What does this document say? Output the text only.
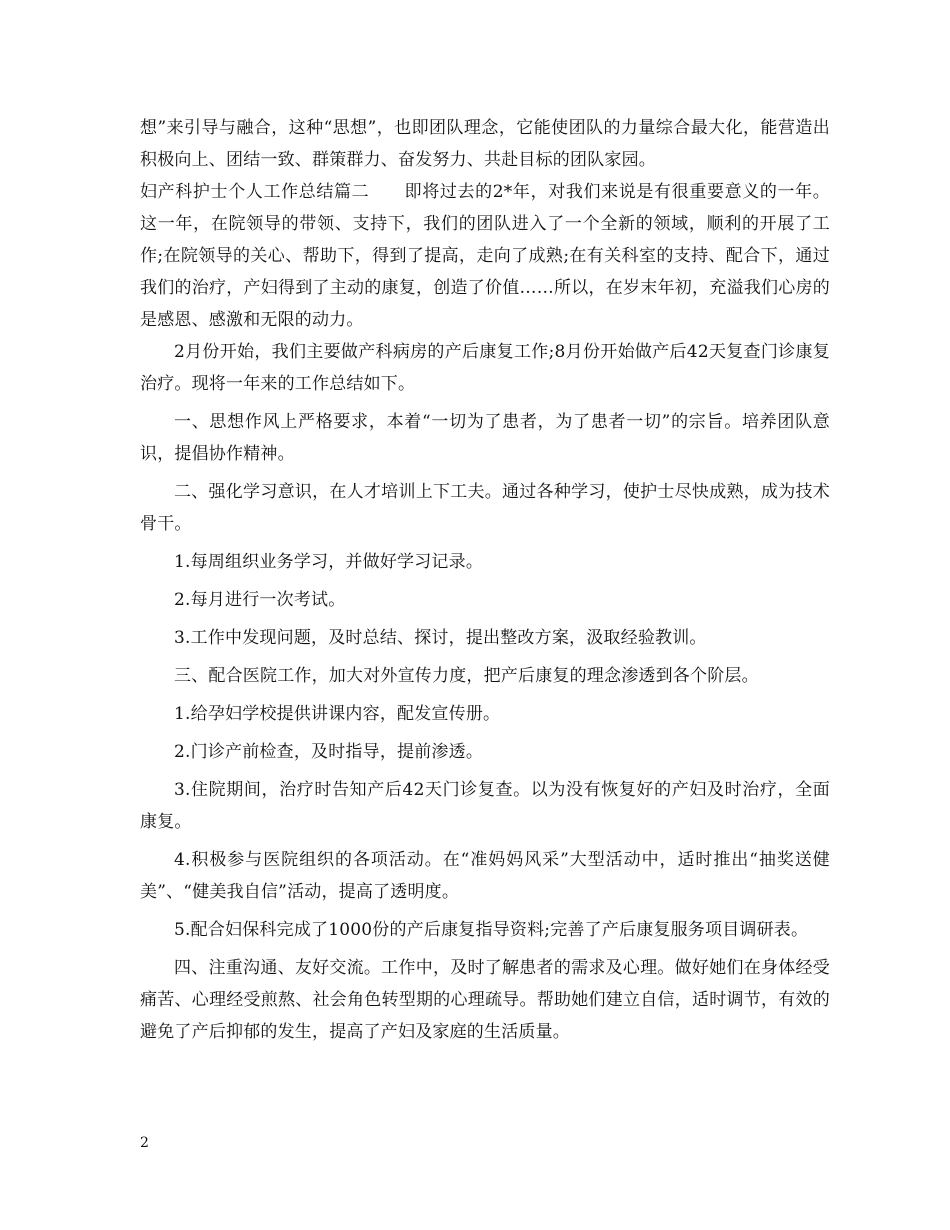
想”来引导与融合，这种“思想”，也即团队理念，它能使团队的力量综合最大化，能营造出积极向上、团结一致、群策群力、奋发努力、共赴目标的团队家园。

妇产科护士个人工作总结篇二　　即将过去的2*年，对我们来说是有很重要意义的一年。这一年，在院领导的带领、支持下，我们的团队进入了一个全新的领域，顺利的开展了工作;在院领导的关心、帮助下，得到了提高，走向了成熟;在有关科室的支持、配合下，通过我们的治疗，产妇得到了主动的康复，创造了价值……所以，在岁末年初，充溢我们心房的是感恩、感激和无限的动力。

2月份开始，我们主要做产科病房的产后康复工作;8月份开始做产后42天复查门诊康复治疗。现将一年来的工作总结如下。

一、思想作风上严格要求，本着“一切为了患者，为了患者一切”的宗旨。培养团队意识，提倡协作精神。

二、强化学习意识，在人才培训上下工夫。通过各种学习，使护士尽快成熟，成为技术骨干。

1.每周组织业务学习，并做好学习记录。

2.每月进行一次考试。

3.工作中发现问题，及时总结、探讨，提出整改方案，汲取经验教训。

三、配合医院工作，加大对外宣传力度，把产后康复的理念渗透到各个阶层。

1.给孕妇学校提供讲课内容，配发宣传册。

2.门诊产前检查，及时指导，提前渗透。

3.住院期间，治疗时告知产后42天门诊复查。以为没有恢复好的产妇及时治疗，全面康复。

4.积极参与医院组织的各项活动。在“准妈妈风采”大型活动中，适时推出“抽奖送健美”、“健美我自信”活动，提高了透明度。

5.配合妇保科完成了1000份的产后康复指导资料;完善了产后康复服务项目调研表。

四、注重沟通、友好交流。工作中，及时了解患者的需求及心理。做好她们在身体经受痛苦、心理经受煎熬、社会角色转型期的心理疏导。帮助她们建立自信，适时调节，有效的避免了产后抑郁的发生，提高了产妇及家庭的生活质量。

2
